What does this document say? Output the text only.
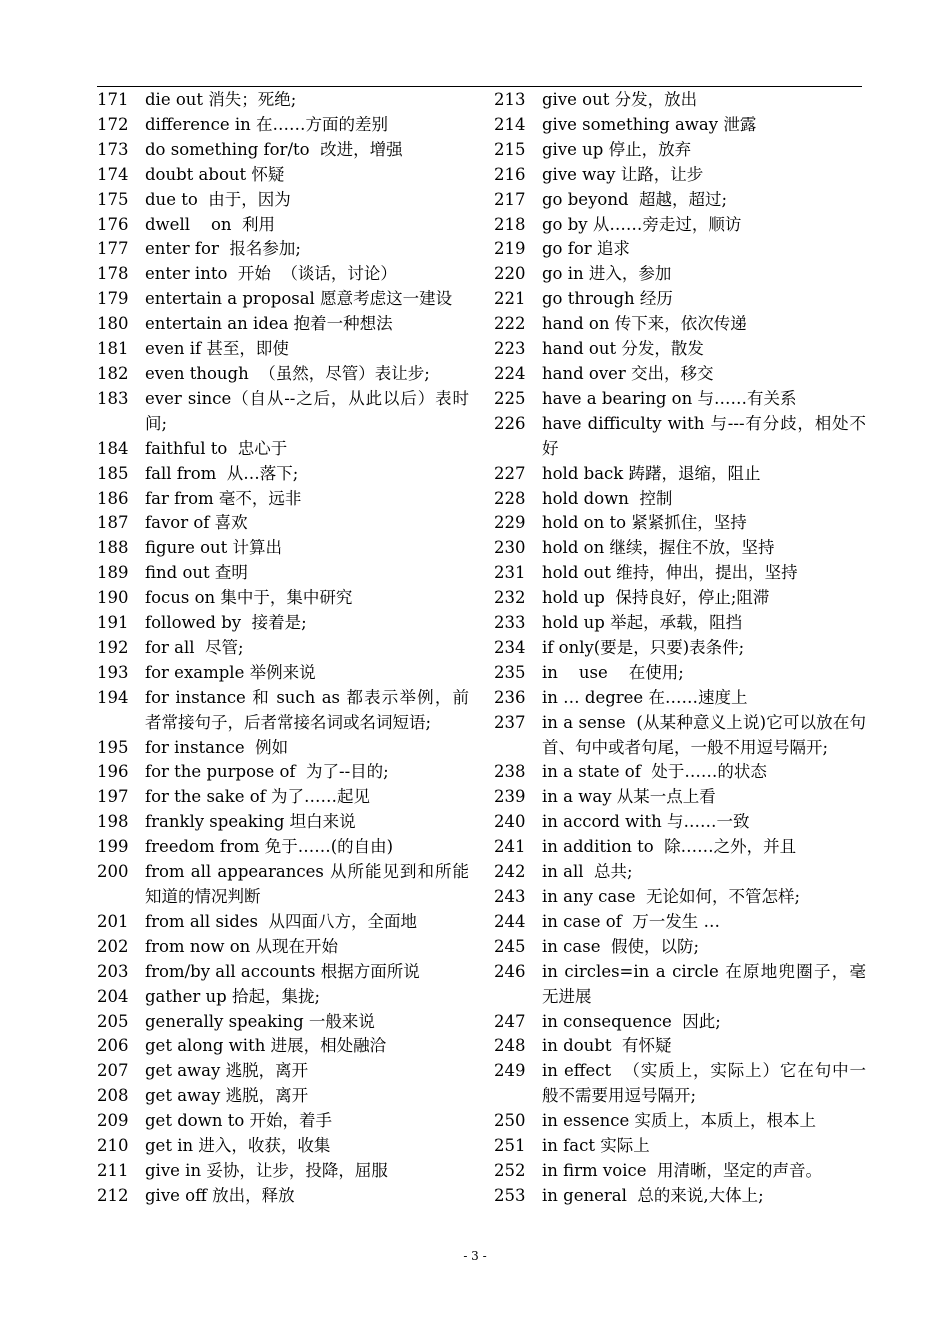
171	die out 消失；死绝;
172	difference in 在……方面的差别
173	do something for/to  改进，增强
174	doubt about 怀疑
175	due to  由于，因为
176	dwell    on  利用
177	enter for  报名参加;
178	enter into  开始  （谈话，讨论）
179	entertain a proposal 愿意考虑这一建设
180	entertain an idea 抱着一种想法
181	even if 甚至，即使
182	even though  （虽然，尽管）表让步;
183	ever since（自从--之后，从此以后）表时间;
184	faithful to  忠心于
185	fall from  从…落下;
186	far from 毫不，远非
187	favor of 喜欢
188	figure out 计算出
189	find out 查明
190	focus on 集中于，集中研究
191	followed by  接着是;
192	for all  尽管;
193	for example 举例来说
194	for instance 和 such as 都表示举例，前者常接句子，后者常接名词或名词短语;
195	for instance  例如
196	for the purpose of  为了--目的;
197	for the sake of 为了……起见
198	frankly speaking 坦白来说
199	freedom from 免于……(的自由)
200	from all appearances 从所能见到和所能知道的情况判断
201	from all sides  从四面八方，全面地
202	from now on 从现在开始
203	from/by all accounts 根据方面所说
204	gather up 拾起，集拢;
205	generally speaking 一般来说
206	get along with 进展，相处融洽
207	get away 逃脱，离开
208	get away 逃脱，离开
209	get down to 开始，着手
210	get in 进入，收获，收集
211	give in 妥协，让步，投降，屈服
212	give off 放出，释放
213	give out 分发，放出
214	give something away 泄露
215	give up 停止，放弃
216	give way 让路，让步
217	go beyond  超越，超过;
218	go by 从……旁走过，顺访
219	go for 追求
220	go in 进入，参加
221	go through 经历
222	hand on 传下来，依次传递
223	hand out 分发，散发
224	hand over 交出，移交
225	have a bearing on 与……有关系
226	have difficulty with 与---有分歧，相处不好
227	hold back 踌躇，退缩，阻止
228	hold down  控制
229	hold on to 紧紧抓住，坚持
230	hold on 继续，握住不放，坚持
231	hold out 维持，伸出，提出，坚持
232	hold up  保持良好，停止;阻滞
233	hold up 举起，承载，阻挡
234	if only(要是，只要)表条件;
235	in    use    在使用;
236	in … degree 在……速度上
237	in a sense  (从某种意义上说)它可以放在句首、句中或者句尾，一般不用逗号隔开;
238	in a state of  处于……的状态
239	in a way 从某一点上看
240	in accord with 与……一致
241	in addition to  除……之外，并且
242	in all  总共;
243	in any case  无论如何，不管怎样;
244	in case of  万一发生 …
245	in case  假使，以防;
246	in circles=in a circle 在原地兜圈子，毫无进展
247	in consequence  因此;
248	in doubt  有怀疑
249	in effect  （实质上，实际上）它在句中一般不需要用逗号隔开;
250	in essence 实质上，本质上，根本上
251	in fact 实际上
252	in firm voice  用清晰，坚定的声音。
253	in general  总的来说,大体上;
- 3 -
